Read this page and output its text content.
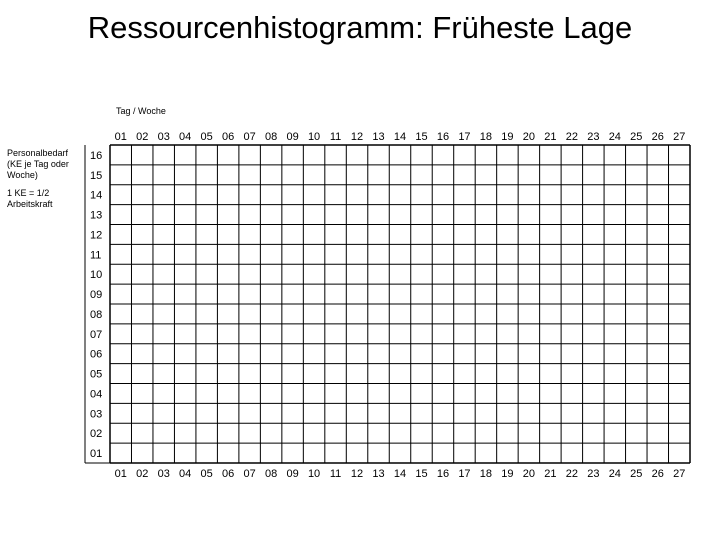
Ressourcenhistogramm: Früheste Lage
Tag / Woche
Personalbedarf (KE je Tag oder Woche)
1 KE = 1/2 Arbeitskraft
01
01
02
02
03
03
04
04
05
05
06
06
07
07
08
08
09
09
10
10
11
11
12
12
13
13
14
14
15
15
16
16
17
17
18
18
19
19
20
20
21
21
22
22
23
23
24
24
25
25
26
26
27
27
01
02
03
04
05
06
07
08
09
10
11
12
13
14
15
16
